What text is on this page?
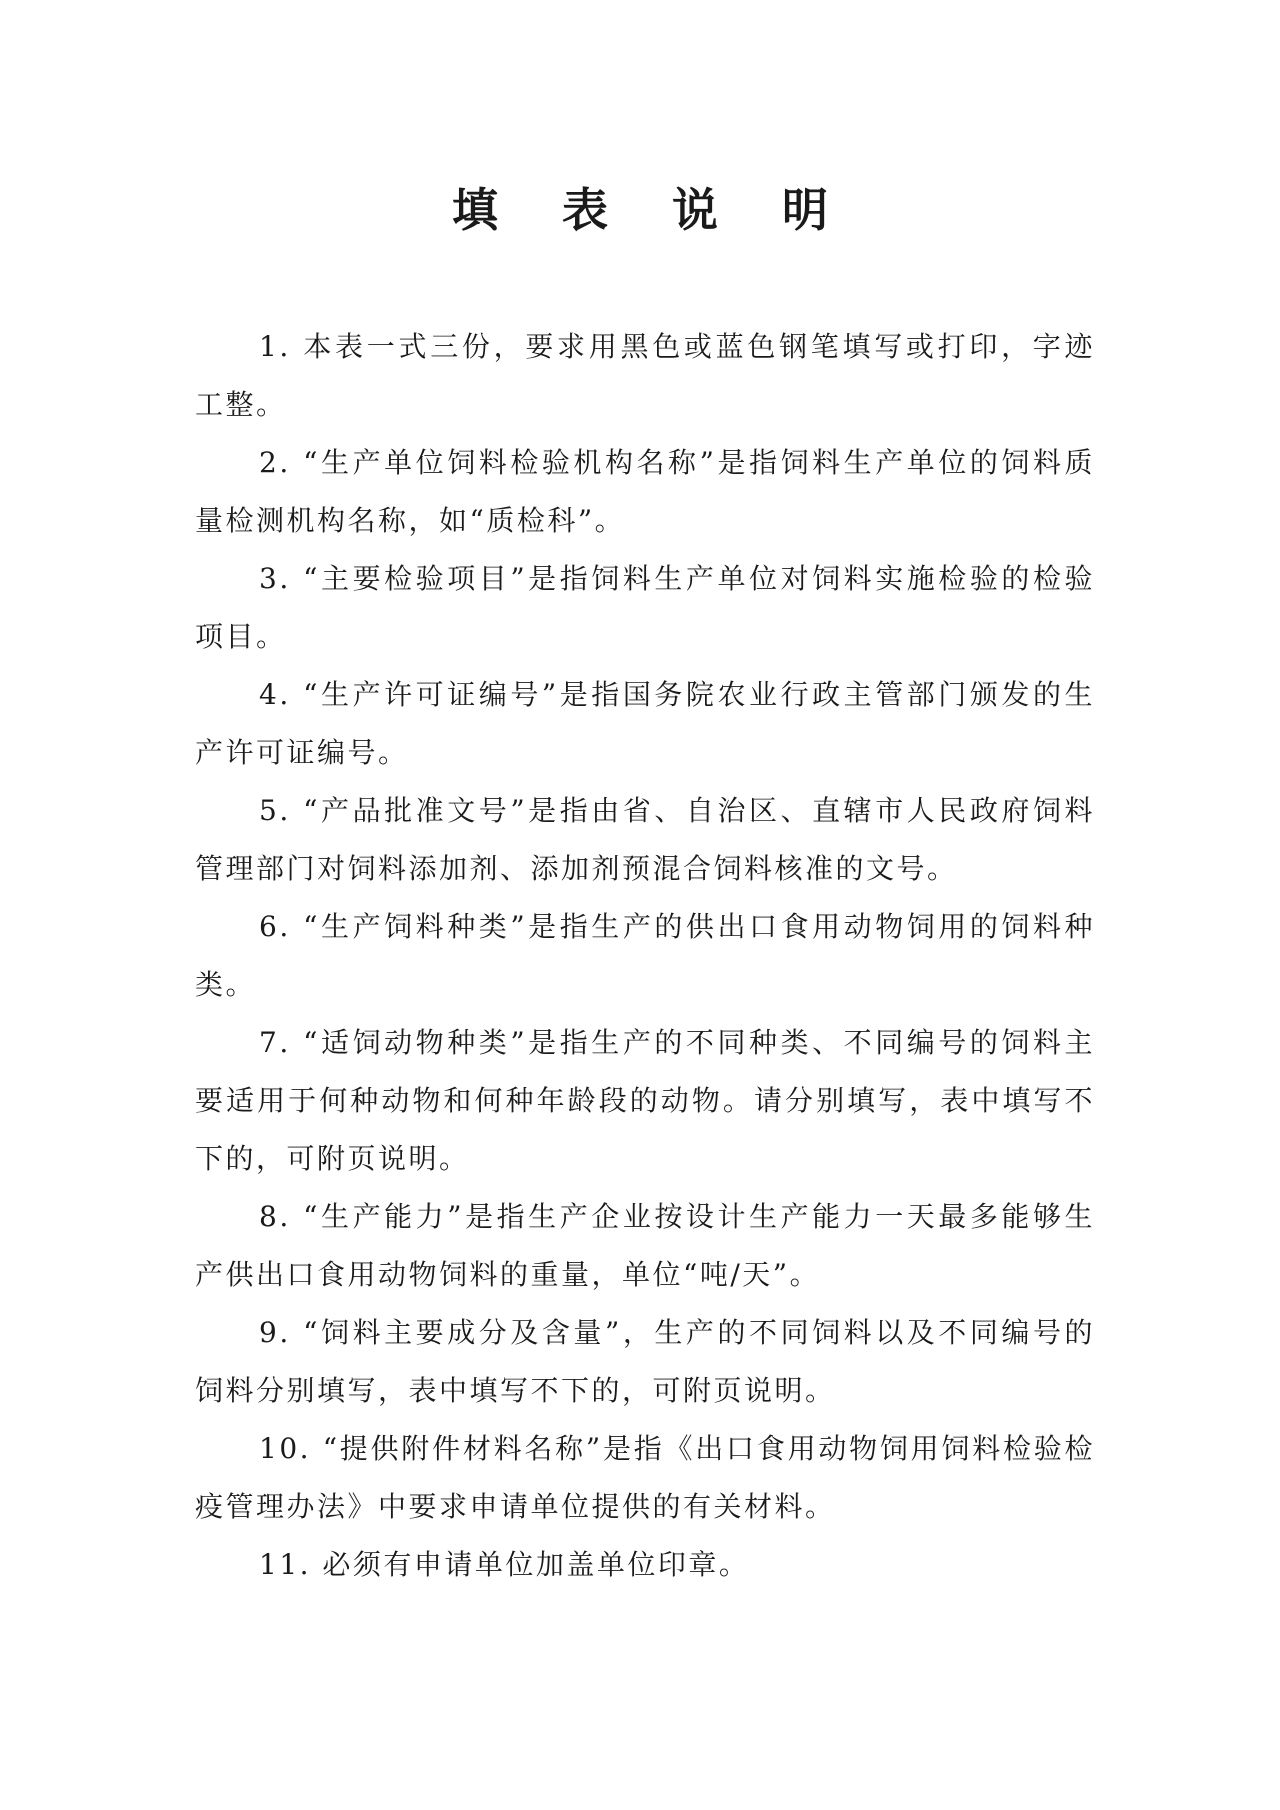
填 表 说 明
1. 本表一式三份，要求用黑色或蓝色钢笔填写或打印，字迹工整。
2. “生产单位饲料检验机构名称”是指饲料生产单位的饲料质量检测机构名称，如“质检科”。
3. “主要检验项目”是指饲料生产单位对饲料实施检验的检验项目。
4. “生产许可证编号”是指国务院农业行政主管部门颁发的生产许可证编号。
5. “产品批准文号”是指由省、自治区、直辖市人民政府饲料管理部门对饲料添加剂、添加剂预混合饲料核准的文号。
6. “生产饲料种类”是指生产的供出口食用动物饲用的饲料种类。
7. “适饲动物种类”是指生产的不同种类、不同编号的饲料主要适用于何种动物和何种年龄段的动物。请分别填写，表中填写不下的，可附页说明。
8. “生产能力”是指生产企业按设计生产能力一天最多能够生产供出口食用动物饲料的重量，单位“吨/天”。
9. “饲料主要成分及含量”，生产的不同饲料以及不同编号的饲料分别填写，表中填写不下的，可附页说明。
10. “提供附件材料名称”是指《出口食用动物饲用饲料检验检疫管理办法》中要求申请单位提供的有关材料。
11. 必须有申请单位加盖单位印章。
